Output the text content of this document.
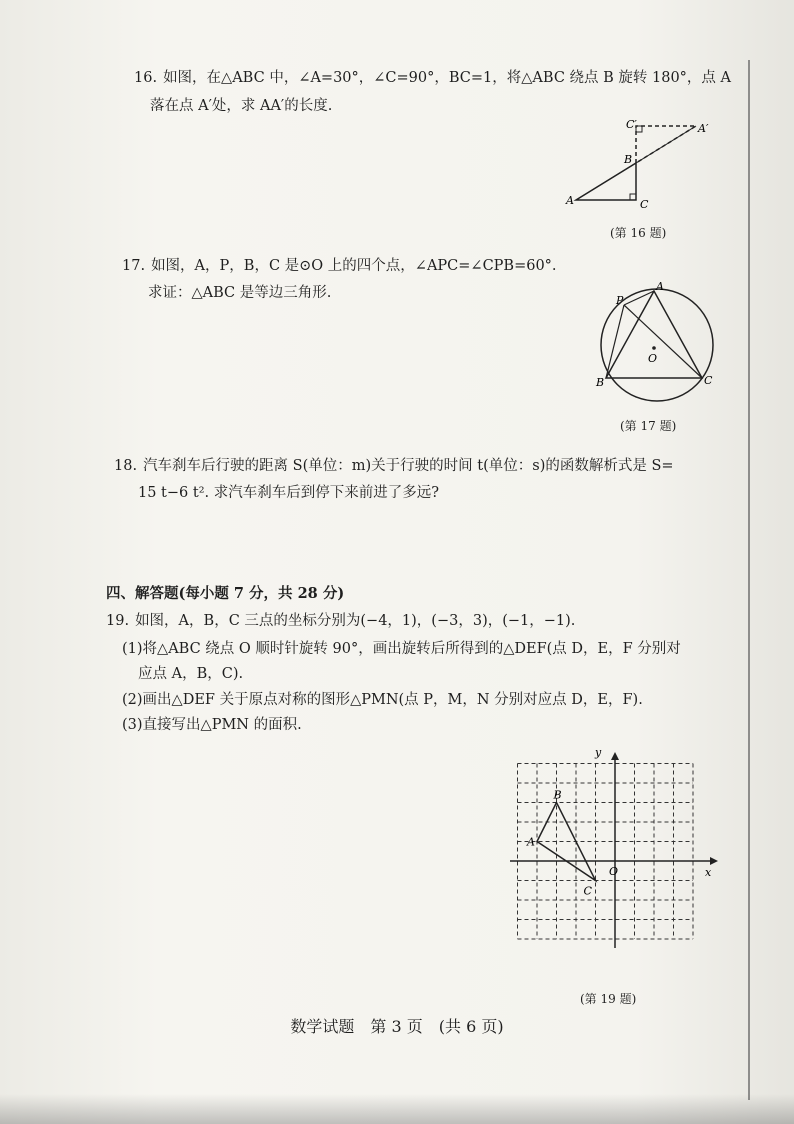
16. 如图，在△ABC 中，∠A=30°，∠C=90°，BC=1，将△ABC 绕点 B 旋转 180°，点 A
落在点 A′处，求 AA′的长度.
A	C
B
A′
C′
(第 16 题)
17. 如图，A，P，B，C 是⊙O 上的四个点，∠APC=∠CPB=60°.
求证：△ABC 是等边三角形.	P
A
B	C
O
(第 17 题)
18. 汽车刹车后行驶的距离 S(单位：m)关于行驶的时间 t(单位：s)的函数解析式是 S=
15 t−6 t². 求汽车刹车后到停下来前进了多远?
四、解答题(每小题 7 分，共 28 分)
19. 如图，A，B，C 三点的坐标分别为(−4，1)，(−3，3)，(−1，−1).
(1)将△ABC 绕点 O 顺时针旋转 90°，画出旋转后所得到的△DEF(点 D，E，F 分别对
应点 A，B，C).
(2)画出△DEF 关于原点对称的图形△PMN(点 P，M，N 分别对应点 D，E，F).
(3)直接写出△PMN 的面积.
y
x
O
A
B
C
(第 19 题)
数学试题　第 3 页　(共 6 页)
